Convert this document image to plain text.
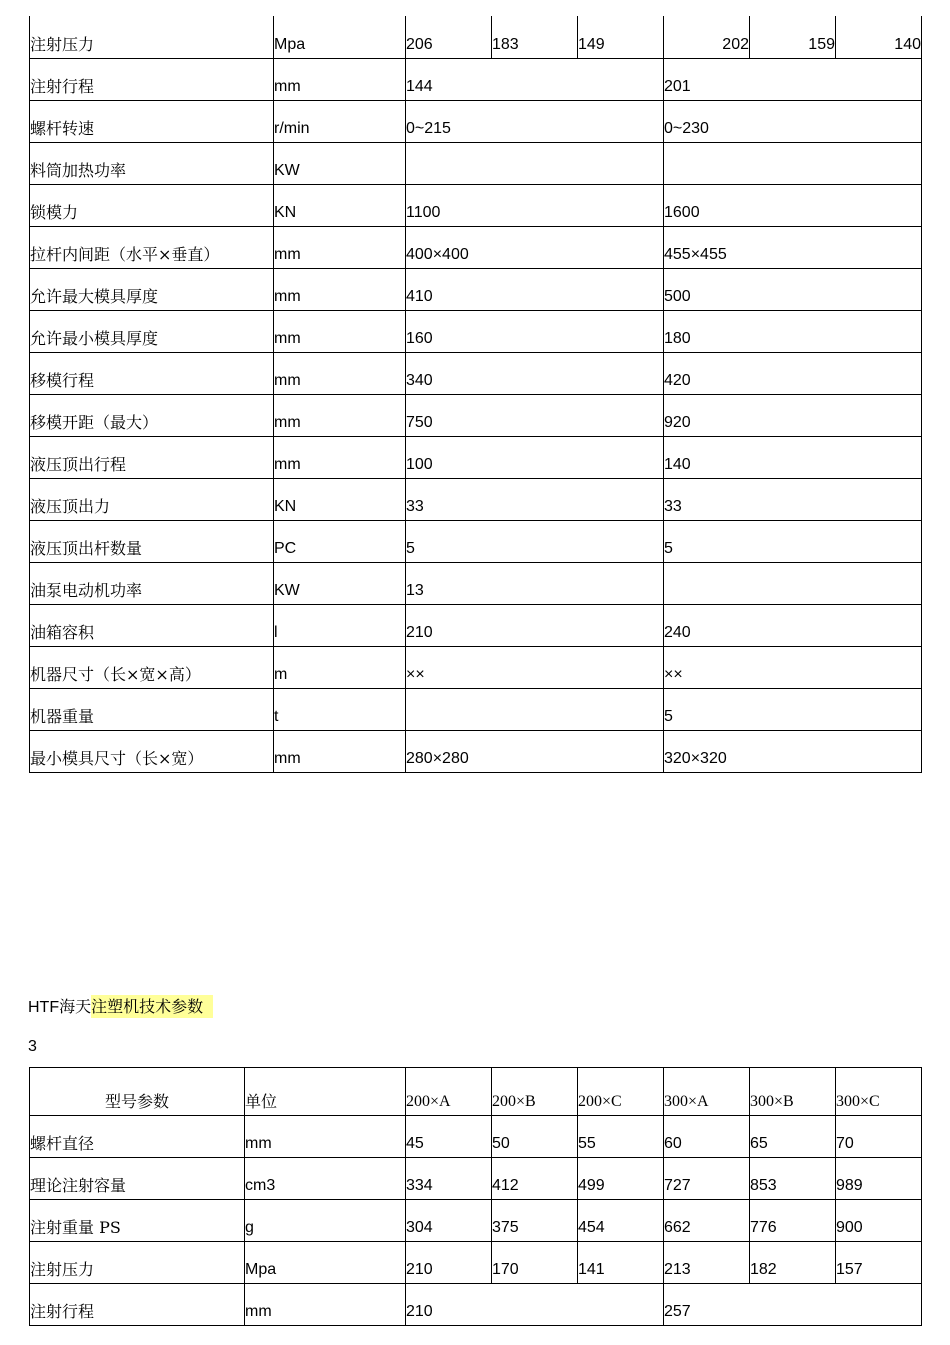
注射压力	Mpa	206	183	149	202	159	140

注射行程	mm	144			201		

螺杆转速	r/min	0~215			0~230		

料筒加热功率	KW						

锁模力	KN	1100			1600		

拉杆内间距（水平×垂直）	mm	400×400			455×455		

允许最大模具厚度	mm	410			500		

允许最小模具厚度	mm	160			180		

移模行程	mm	340			420		

移模开距（最大）	mm	750			920		

液压顶出行程	mm	100			140		

液压顶出力	KN	33			33		

液压顶出杆数量	PC	5			5		

油泵电动机功率	KW	13					

油箱容积	l	210			240		

机器尺寸（长×宽×高）	m	××			××		

机器重量	t				5		

最小模具尺寸（长×宽）	mm	280×280			320×320		
HTF海天注塑机技术参数
3
型号参数	单位	200×A	200×B	200×C	300×A	300×B	300×C

螺杆直径	mm	45	50	55	60	65	70

理论注射容量	cm3	334	412	499	727	853	989

注射重量 PS	g	304	375	454	662	776	900

注射压力	Mpa	210	170	141	213	182	157

注射行程	mm	210			257		
